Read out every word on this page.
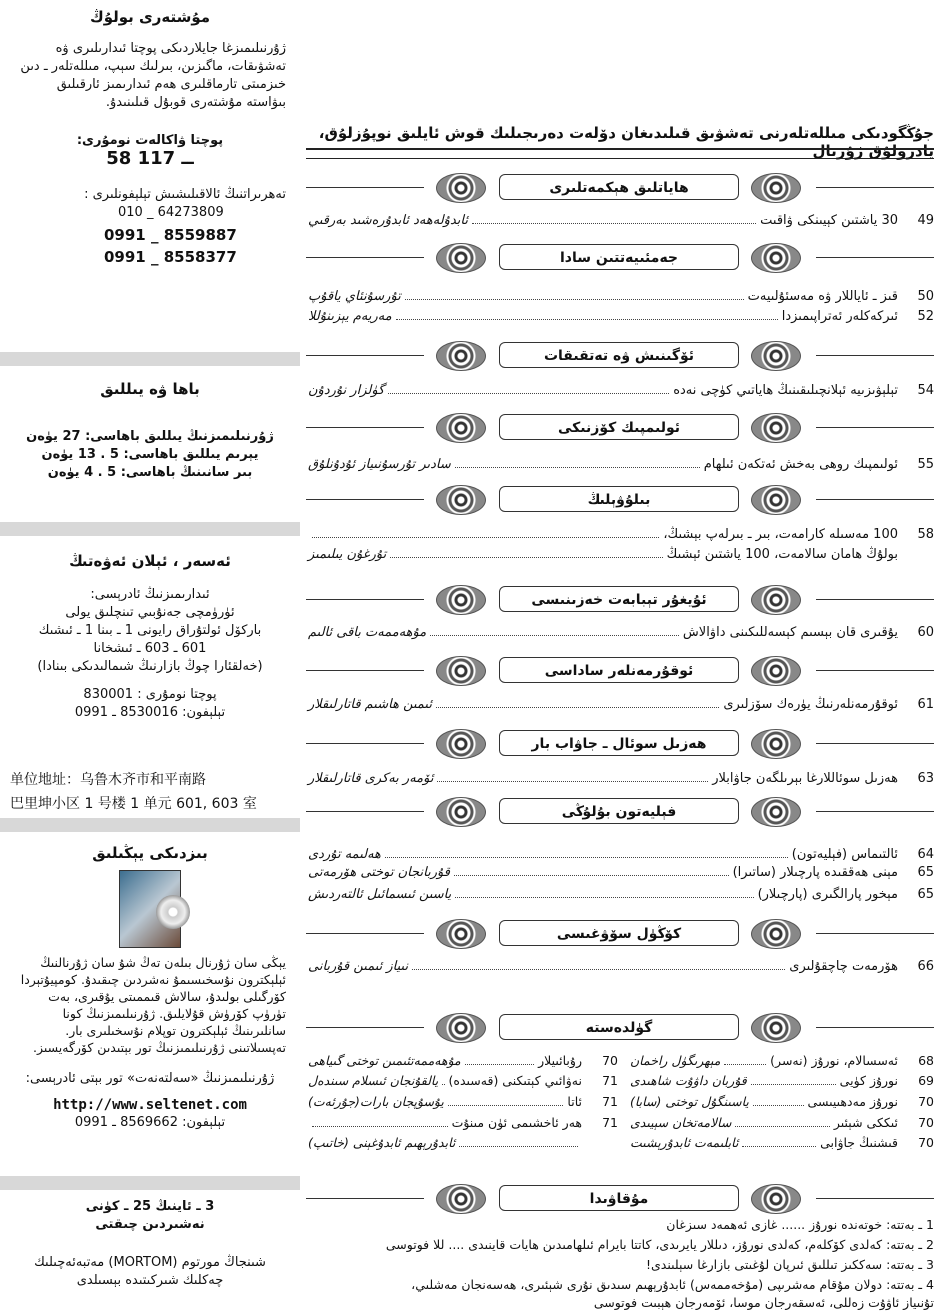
مۇشتەرى بولۇڭ
ژۇرنىلىمىزغا جايلاردىكى پوچتا ئىدارىلىرى ۋە تەشۋىقات، ماگىزىن، بىرلىك سېپ، مىللەتلەر ـ دىن خىزمىتى تارماقلىرى ھەم ئىدارىمىز ئارقىلىق بىۋاستە مۇشتەرى قوبۇل قىلىنىدۇ.
پوچتا ۋاكالەت نومۇرى:
58 ــ 117
تەھرىراتنىڭ ئالاقىلىشىش تېلېفونلىرى :
010 _ 64273809
0991 _ 8559887
0991 _ 8558377
باھا ۋە يىللىق
ژۇرنىلىمىزنىڭ يىللىق باھاسى: 27 يۈەن
يېرىم يىللىق باھاسى: 5 . 13 يۈەن
بىر سانىنىڭ باھاسى: 5 . 4 يۈەن
ئەسەر ، ئېلان ئەۋەتىڭ
ئىدارىمىزنىڭ ئادرېسى:
ئۈرۈمچى جەنۇبىي تىنچلىق يولى
باركۆل ئولتۇراق رايونى 1 ـ بىنا 1 ـ ئىشىك
601 ـ 603 ـ ئىشخانا
(خەلقئارا چوڭ بازارنىڭ شىمالىدىكى بىنادا)
پوچتا نومۇرى : 830001
تېلېفون: 8530016 ـ 0991
单位地址：乌鲁木齐市和平南路
巴里坤小区 1 号楼 1 单元 601, 603 室
بىزدىكى يېڭىلىق
يېڭى سان ژۇرنال بىلەن تەڭ شۇ سان ژۇرنالنىڭ ئېلېكترون نۇسخىسىمۇ نەشردىن چىقىدۇ. كومپيۇتېردا كۆرگىلى بولىدۇ، سالاش قىممىتى يۇقىرى، بەت تۈرۈپ كۆرۈش قۇلايلىق. ژۇرنىلىمىزنىڭ كونا سانلىرىنىڭ ئېلېكترون توپلام نۇسخىلىرى بار. تەپسىلاتىنى ژۇرنىلىمىزنىڭ تور بېتىدىن كۆرگەيسىز.
ژۇرنىلىمىزنىڭ «سەلتەنەت» تور بېتى ئادرېسى:
http://www.seltenet.com
تېلېفون: 8569662 ـ 0991
3 ـ ئاينىڭ 25 ـ كۈنى
نەشىردىن چىقتى
شىنجاڭ مورتوم (MORTOM) مەتبەئەچىلىك
چەكلىك شىركىتىدە بېسىلدى
جۇڭگودىكى مىللەتلەرنى تەشۋىق قىلىدىغان دۆلەت دەرىجىلىك قوش ئايلىق نوپۇزلۇق، يادرولۇق ژۇرنال
ھاياتلىق ھېكمەتلىرى
49
30 ياشتىن كېيىنكى ۋاقىت
ئابدۇلەھەد ئابدۇرەشىد بەرقىي
جەمئىيەتتىن سادا
50
قىز ـ ئاياللار ۋە مەسئۇلىيەت
تۇرسۇنئاي ياقۇپ
52
ئىركەكلەر ئەتراپىمىزدا
مەريەم يېزىنۇللا
ئۆگىنىش ۋە تەتقىقات
54
تېلېۋىزىيە ئېلانچىلىقىنىڭ ھاياتىي كۈچى نەدە
گۈلزار نۇردۇن
ئولىمپىك كۆزنىكى
55
ئولىمپىك روھى بەخش ئەتكەن ئىلھام
سادىر تۇرسۇنىياز ئۇدۇنلۇق
بىلۇۋېلىڭ
58
100 مەسىلە كارامەت، بىر ـ بىرلەپ بېشىڭ،
بولۇڭ ھامان سالامەت، 100 ياشتىن ئېشىڭ
تۇرغۇن يىلىمىز
ئۇيغۇر تېبابەت خەزىنىسى
60
يۇقىرى قان بېسىم كېسەللىكىنى داۋالاش
مۇھەممەت باقى ئالىم
ئوقۇرمەنلەر ساداسى
61
ئوقۇرمەنلەرنىڭ يۈرەك سۆزلىرى
ئىمىن ھاشىم قاتارلىقلار
ھەزىل سوئال ـ جاۋاب بار
63
ھەزىل سوئاللارغا بېرىلگەن جاۋابلار
ئۆمەر بەكرى قاتارلىقلار
فېليەتون بۇلۇڭى
64
ئالتىماس (فېليەتون)
ھەلىمە تۇردى
65
مېنى ھەققىدە پارچىلار (ساتىرا)
قۇربانجان توختى ھۆرمەتى
65
مېخور پارالگىرى (پارچىلار)
ياسىن ئىسمائىل ئالتەردىش
كۆڭۈل سۆۋغىسى
66
ھۆرمەت چاچقۇلىرى
نىياز ئىمىن قۇربانى
گۈلدەستە
مۇقاۋىدا
68
ئەسسالام، نورۇز (نەسر)
مېھرىگۈل راخمان
69
نورۇز كۈيى
قۇربان داۋۇت شاھىدى
70
نورۇز مەدھىيىسى
ياسىنگۇل توختى (سابا)
70
ئىككى شېئىر
سالامەتخان سېيىدى
70
قىشنىڭ جاۋابى
ئابلىمەت ئابدۇرېشىت
70
رۇبائىيلار
مۇھەممەتئىمىن توختى گىياھى
71
نەۋائىي كېتىكنى (قەسىدە)
يالقۇنجان ئىسلام سىندەل
71
ئاتا
يۇسۇپجان بارات(جۇرئەت)
71
ھەر ئاخشىمى ئۈن مىنۇت
ئابدۇرېھىم ئابدۇغېنى (خاتىپ)
1 ـ بەتتە: خوتەندە نورۇز ...... غازى ئەھمەد سىزغان
2 ـ بەتتە: كەلدى كۆكلەم، كەلدى نورۇز، دىللار يايرىدى، كاتتا بايرام ئىلھامىدىن ھايات قاينىدى .... للا فوتوسى
3 ـ بەتتە: سەككىز تىللىق ئىرپان لۇغىتى بازارغا سېلىندى!
4 ـ بەتتە: دولان مۇقام مەشرىپى (مۇخەممەس) ئابدۇرېھىم سىدىق نۇرى شېئىرى، ھەسەنجان مەشلىي،
تۇنىياز ئاۋۇت زەللى، ئەسقەرجان موسا، ئۆمەرجان ھېبىت فوتوسى
